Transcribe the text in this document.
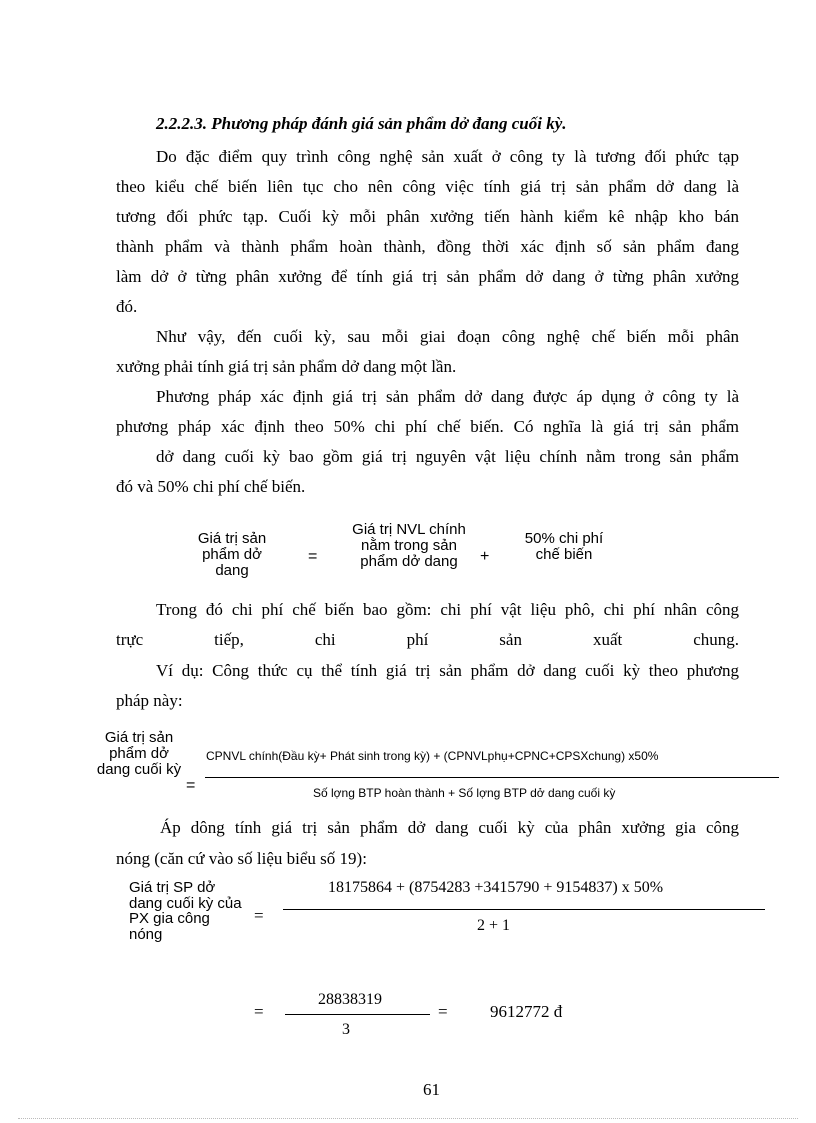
2.2.2.3. Phương pháp đánh giá sản phẩm dở đang cuối kỳ.
Do đặc điểm quy trình công nghệ sản xuất ở công ty là tương đối phức tạp
theo kiểu chế biến liên tục cho nên công việc tính giá trị sản phẩm dở dang là
tương đối phức tạp. Cuối kỳ mỗi phân xưởng tiến hành kiểm kê nhập kho bán
thành phẩm và thành phẩm hoàn thành, đồng thời xác định số sản phẩm đang
làm dở ở từng phân xưởng để tính giá trị sản phẩm dở dang ở từng phân xưởng
đó.
Như vậy, đến cuối kỳ, sau mỗi giai đoạn công nghệ chế biến mỗi phân
xưởng phải tính giá trị sản phẩm dở dang một lần.
Phương pháp xác định giá trị sản phẩm dở dang được áp dụng ở công ty là
phương pháp xác định theo 50% chi phí chế biến. Có nghĩa là giá trị sản phẩm
dở dang cuối kỳ bao gồm giá trị nguyên vật liệu chính nằm trong sản phẩm
đó và 50% chi phí chế biến.
Giá trị sản phẩm dở dang
=
Giá trị NVL chính nằm trong sản phẩm dở dang	+
50% chi phí chế biến
Trong đó chi phí chế biến bao gồm: chi phí vật liệu phô, chi phí nhân công
trực tiếp, chi phí sản xuất chung.
Ví dụ: Công thức cụ thể tính giá trị sản phẩm dở dang cuối kỳ theo phương
pháp này:
Giá trị sản phẩm dở dang cuối kỳ
=
CPNVL chính(Đầu kỳ+ Phát sinh trong kỳ) + (CPNVLphụ+CPNC+CPSXchung) x50%
Số lợng BTP hoàn thành + Số lợng BTP dở dang cuối kỳ
Áp dông tính giá trị sản phẩm dở dang cuối kỳ của phân xưởng gia công
nóng (căn cứ vào số liệu biểu số 19):
Giá trị SP dở dang cuối kỳ của PX gia công nóng
=
18175864 + (8754283 +3415790 + 9154837) x 50%
2 + 1
=
28838319
3
= 9612772 đ
61
